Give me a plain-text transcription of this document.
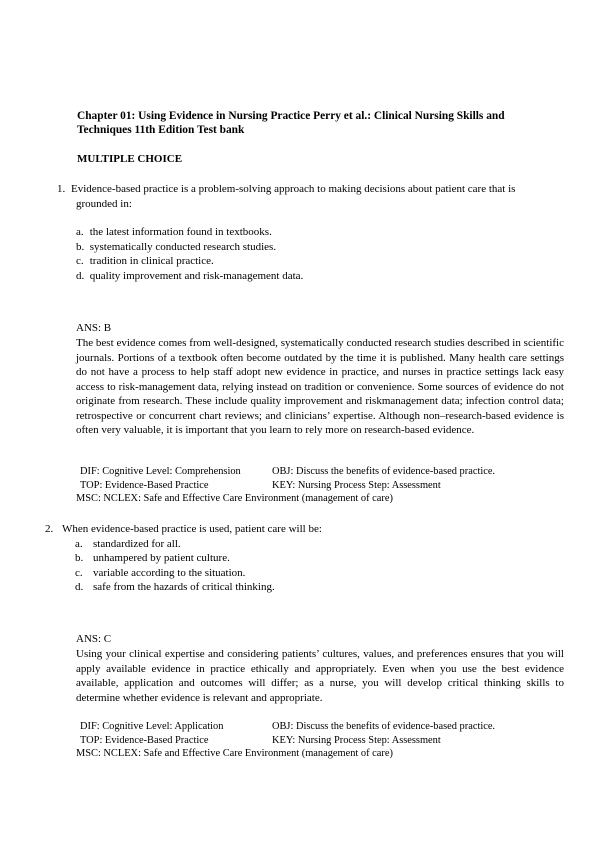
Chapter 01: Using Evidence in Nursing Practice Perry et al.: Clinical Nursing Skills and Techniques 11th Edition Test bank
MULTIPLE CHOICE
1. Evidence-based practice is a problem-solving approach to making decisions about patient care that is
grounded in:
a. the latest information found in textbooks.
b. systematically conducted research studies.
c. tradition in clinical practice.
d. quality improvement and risk-management data.
ANS: B
The best evidence comes from well-designed, systematically conducted research studies described in scientific journals. Portions of a textbook often become outdated by the time it is published. Many health care settings do not have a process to help staff adopt new evidence in practice, and nurses in practice settings lack easy access to risk-management data, relying instead on tradition or convenience. Some sources of evidence do not originate from research. These include quality improvement and riskmanagement data; infection control data; retrospective or concurrent chart reviews; and clinicians’ expertise. Although non–research-based evidence is often very valuable, it is important that you learn to rely more on research-based evidence.
DIF: Cognitive Level: Comprehension	OBJ: Discuss the benefits of evidence-based practice.
TOP: Evidence-Based Practice	KEY: Nursing Process Step: Assessment
MSC: NCLEX: Safe and Effective Care Environment (management of care)
2. When evidence-based practice is used, patient care will be:
a. standardized for all.
b. unhampered by patient culture.
c. variable according to the situation.
d. safe from the hazards of critical thinking.
ANS: C
Using your clinical expertise and considering patients’ cultures, values, and preferences ensures that you will apply available evidence in practice ethically and appropriately. Even when you use the best evidence available, application and outcomes will differ; as a nurse, you will develop critical thinking skills to determine whether evidence is relevant and appropriate.
DIF: Cognitive Level: Application	OBJ: Discuss the benefits of evidence-based practice.
TOP: Evidence-Based Practice	KEY: Nursing Process Step: Assessment
MSC: NCLEX: Safe and Effective Care Environment (management of care)
